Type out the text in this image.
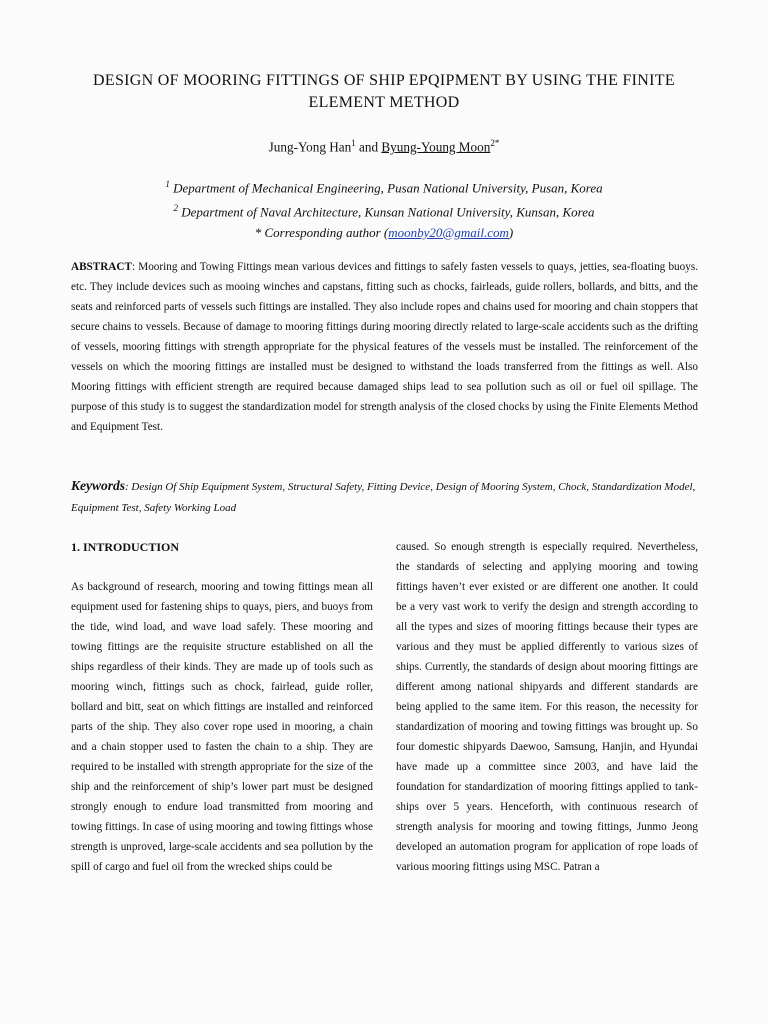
DESIGN OF MOORING FITTINGS OF SHIP EPQIPMENT BY USING THE FINITE ELEMENT METHOD
Jung-Yong Han$^1$ and Byung-Young Moon$^{2*}$
$^1$ Department of Mechanical Engineering, Pusan National University, Pusan, Korea
$^2$ Department of Naval Architecture, Kunsan National University, Kunsan, Korea
* Corresponding author (moonby20@gmail.com)

ABSTRACT: Mooring and Towing Fittings mean various devices and fittings to safely fasten vessels to quays, jetties, sea-floating buoys. etc. They include devices such as mooing winches and capstans, fitting such as chocks, fairleads, guide rollers, bollards, and bitts, and the seats and reinforced parts of vessels such fittings are installed. They also include ropes and chains used for mooring and chain stoppers that secure chains to vessels. Because of damage to mooring fittings during mooring directly related to large-scale accidents such as the drifting of vessels, mooring fittings with strength appropriate for the physical features of the vessels must be installed. The reinforcement of the vessels on which the mooring fittings are installed must be designed to withstand the loads transferred from the fittings as well. Also Mooring fittings with efficient strength are required because damaged ships lead to sea pollution such as oil or fuel oil spillage. The purpose of this study is to suggest the standardization model for strength analysis of the closed chocks by using the Finite Elements Method and Equipment Test.

Keywords: Design Of Ship Equipment System, Structural Safety, Fitting Device, Design of Mooring System, Chock, Standardization Model, Equipment Test, Safety Working Load

1. INTRODUCTION

As background of research, mooring and towing fittings mean all equipment used for fastening ships to quays, piers, and buoys from the tide, wind load, and wave load safely. These mooring and towing fittings are the requisite structure established on all the ships regardless of their kinds. They are made up of tools such as mooring winch, fittings such as chock, fairlead, guide roller, bollard and bitt, seat on which fittings are installed and reinforced parts of the ship. They also cover rope used in mooring, a chain and a chain stopper used to fasten the chain to a ship. They are required to be installed with strength appropriate for the size of the ship and the reinforcement of ship’s lower part must be designed strongly enough to endure load transmitted from mooring and towing fittings. In case of using mooring and towing fittings whose strength is unproved, large-scale accidents and sea pollution by the spill of cargo and fuel oil from the wrecked ships could be

caused. So enough strength is especially required. Nevertheless, the standards of selecting and applying mooring and towing fittings haven’t ever existed or are different one another. It could be a very vast work to verify the design and strength according to all the types and sizes of mooring fittings because their types are various and they must be applied differently to various sizes of ships. Currently, the standards of design about mooring fittings are different among national shipyards and different standards are being applied to the same item. For this reason, the necessity for standardization of mooring and towing fittings was brought up. So four domestic shipyards Daewoo, Samsung, Hanjin, and Hyundai have made up a committee since 2003, and have laid the foundation for standardization of mooring fittings applied to tank-ships over 5 years. Henceforth, with continuous research of strength analysis for mooring and towing fittings, Junmo Jeong developed an automation program for application of rope loads of various mooring fittings using MSC. Patran a
